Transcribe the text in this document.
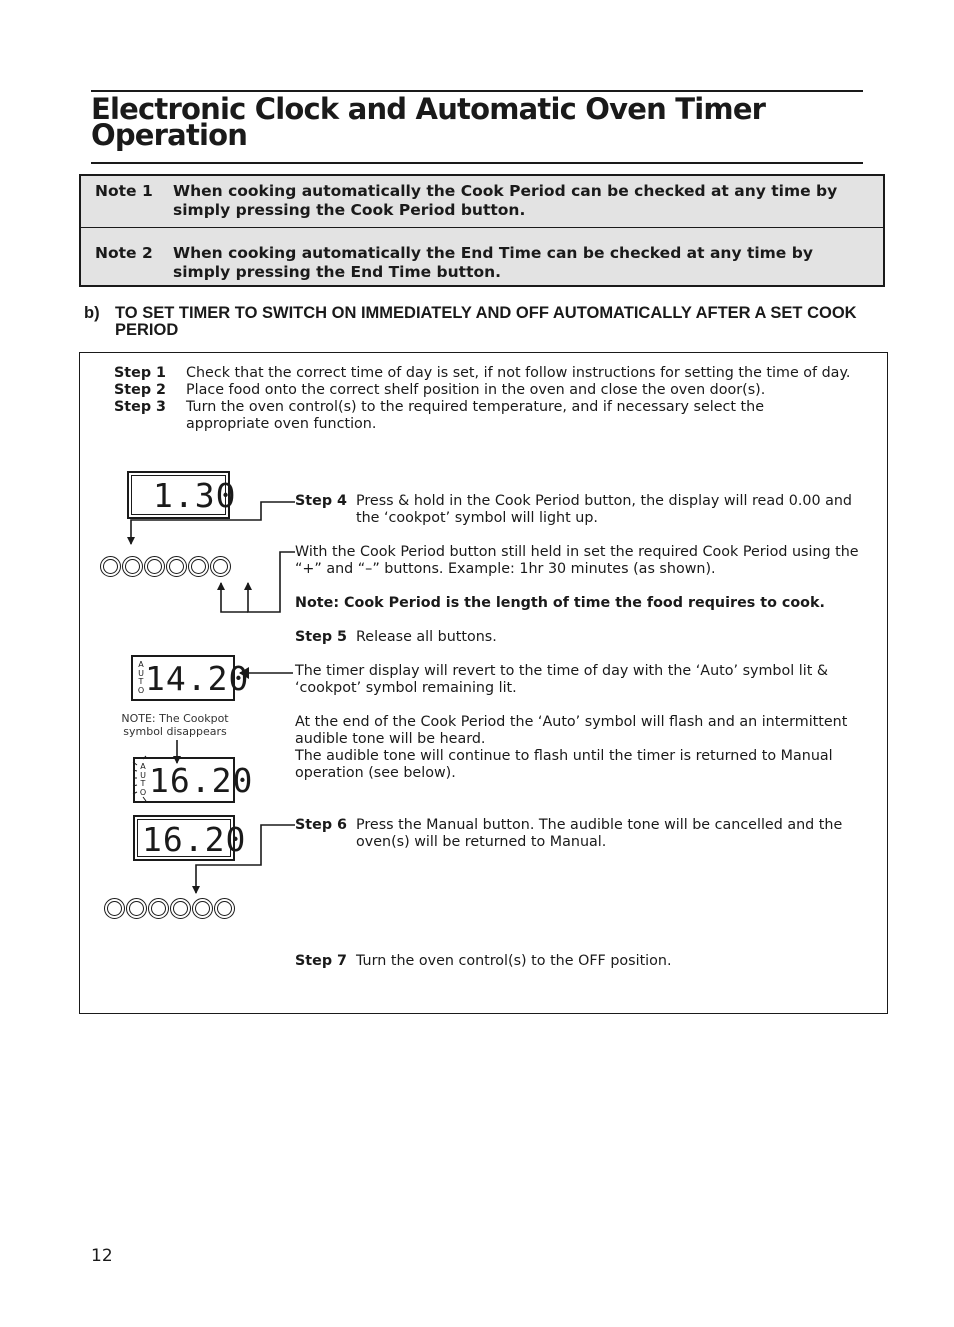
Electronic Clock and Automatic Oven Timer Operation
Note 1 When cooking automatically the Cook Period can be checked at any time by simply pressing the Cook Period button.
Note 2 When cooking automatically the End Time can be checked at any time by simply pressing the End Time button.
b) TO SET TIMER TO SWITCH ON IMMEDIATELY AND OFF AUTOMATICALLY AFTER A SET COOK PERIOD
Step 1 Check that the correct time of day is set, if not follow instructions for setting the time of day.
Step 2 Place food onto the correct shelf position in the oven and close the oven door(s).
Step 3 Turn the oven control(s) to the required temperature, and if necessary select the appropriate oven function.
Step 4 Press & hold in the Cook Period button, the display will read 0.00 and the ‘cookpot’ symbol will light up.
With the Cook Period button still held in set the required Cook Period using the “+” and “–” buttons. Example: 1hr 30 minutes (as shown).
Note: Cook Period is the length of time the food requires to cook.
Step 5 Release all buttons.
The timer display will revert to the time of day with the ‘Auto’ symbol lit & ‘cookpot’ symbol remaining lit.
At the end of the Cook Period the ‘Auto’ symbol will flash and an intermittent audible tone will be heard.
The audible tone will continue to flash until the timer is returned to Manual operation (see below).
Step 6 Press the Manual button. The audible tone will be cancelled and the oven(s) will be returned to Manual.
Step 7 Turn the oven control(s) to the OFF position.
1.30
A
U
T
O 14.20
NOTE: The Cookpot symbol disappears
A
U
T
O 16.20
16.20
12
